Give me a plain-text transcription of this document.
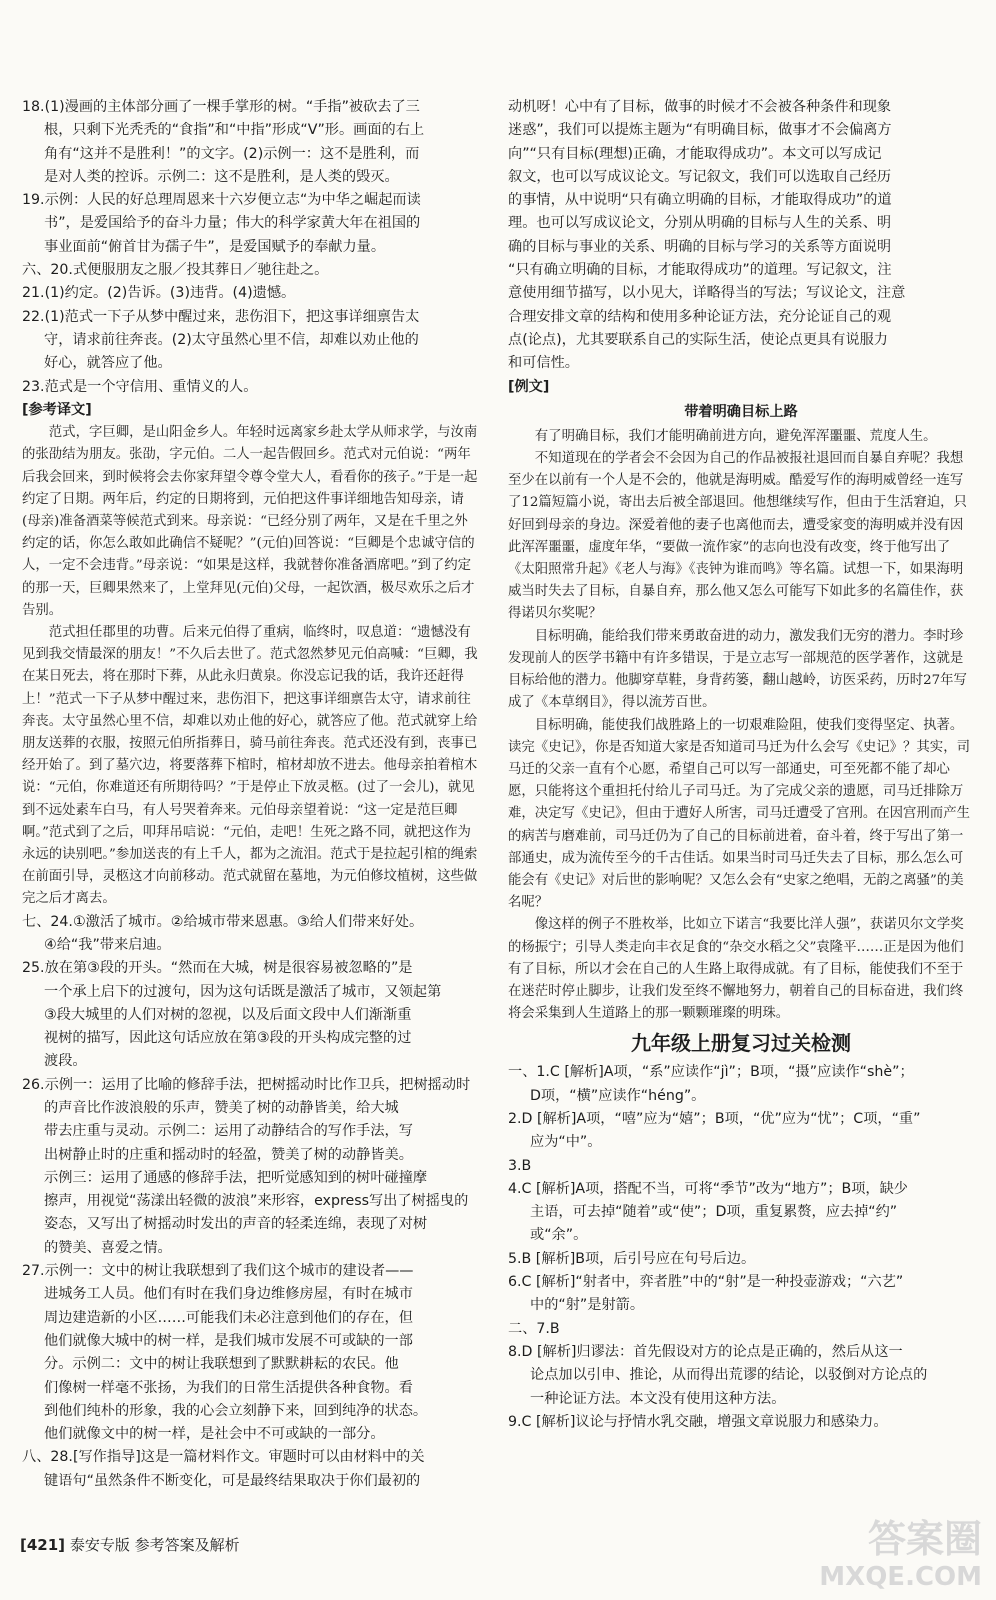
18.(1)漫画的主体部分画了一棵手掌形的树。“手指”被砍去了三

根，只剩下光秃秃的“食指”和“中指”形成“V”形。画面的右上

角有“这并不是胜利！”的文字。(2)示例一：这不是胜利，而

是对人类的控诉。示例二：这不是胜利，是人类的毁灭。

19.示例：人民的好总理周恩来十六岁便立志“为中华之崛起而读

书”，是爱国给予的奋斗力量；伟大的科学家黄大年在祖国的

事业面前“俯首甘为孺子牛”，是爱国赋予的奉献力量。

六、20.式便服朋友之服／投其葬日／驰往赴之。

21.(1)约定。(2)告诉。(3)违背。(4)遗憾。

22.(1)范式一下子从梦中醒过来，悲伤泪下，把这事详细禀告太

守，请求前往奔丧。(2)太守虽然心里不信，却难以劝止他的

好心，就答应了他。

23.范式是一个守信用、重情义的人。

[参考译文]

范式，字巨卿，是山阳金乡人。年轻时远离家乡赴太学从师求学，与汝南的张劭结为朋友。张劭，字元伯。二人一起告假回乡。范式对元伯说：“两年后我会回来，到时候将会去你家拜望令尊令堂大人，看看你的孩子。”于是一起约定了日期。两年后，约定的日期将到，元伯把这件事详细地告知母亲，请(母亲)准备酒菜等候范式到来。母亲说：“已经分别了两年，又是在千里之外约定的话，你怎么敢如此确信不疑呢？”(元伯)回答说：“巨卿是个忠诚守信的人，一定不会违背。”母亲说：“如果是这样，我就替你准备酒席吧。”到了约定的那一天，巨卿果然来了，上堂拜见(元伯)父母，一起饮酒，极尽欢乐之后才告别。

范式担任郡里的功曹。后来元伯得了重病，临终时，叹息道：“遗憾没有见到我交情最深的朋友！”不久后去世了。范式忽然梦见元伯高喊：“巨卿，我在某日死去，将在那时下葬，从此永归黄泉。你没忘记我的话，我许还赶得上！”范式一下子从梦中醒过来，悲伤泪下，把这事详细禀告太守，请求前往奔丧。太守虽然心里不信，却难以劝止他的好心，就答应了他。范式就穿上给朋友送葬的衣服，按照元伯所指葬日，骑马前往奔丧。范式还没有到，丧事已经开始了。到了墓穴边，将要落葬下棺时，棺材却放不进去。他母亲拍着棺木说：“元伯，你难道还有所期待吗？”于是停止下放灵柩。(过了一会儿)，就见到不远处素车白马，有人号哭着奔来。元伯母亲望着说：“这一定是范巨卿啊。”范式到了之后，叩拜吊唁说：“元伯，走吧！生死之路不同，就把这作为永远的诀别吧。”参加送丧的有上千人，都为之流泪。范式于是拉起引棺的绳索在前面引导，灵柩这才向前移动。范式就留在墓地，为元伯修坟植树，这些做完之后才离去。

七、24.①激活了城市。②给城市带来恩惠。③给人们带来好处。

④给“我”带来启迪。

25.放在第③段的开头。“然而在大城，树是很容易被忽略的”是

一个承上启下的过渡句，因为这句话既是激活了城市，又领起第

③段大城里的人们对树的忽视，以及后面文段中人们渐渐重

视树的描写，因此这句话应放在第③段的开头构成完整的过

渡段。

26.示例一：运用了比喻的修辞手法，把树摇动时比作卫兵，把树摇动时

的声音比作波浪般的乐声，赞美了树的动静皆美，给大城

带去庄重与灵动。示例二：运用了动静结合的写作手法，写

出树静止时的庄重和摇动时的轻盈，赞美了树的动静皆美。

示例三：运用了通感的修辞手法，把听觉感知到的树叶碰撞摩

擦声，用视觉“荡漾出轻微的波浪”来形容，express写出了树摇曳的

姿态，又写出了树摇动时发出的声音的轻柔连绵，表现了对树

的赞美、喜爱之情。

27.示例一：文中的树让我联想到了我们这个城市的建设者——

进城务工人员。他们有时在我们身边维修房屋，有时在城市

周边建造新的小区……可能我们未必注意到他们的存在，但

他们就像大城中的树一样，是我们城市发展不可或缺的一部

分。示例二：文中的树让我联想到了默默耕耘的农民。他

们像树一样毫不张扬，为我们的日常生活提供各种食物。看

到他们纯朴的形象，我的心会立刻静下来，回到纯净的状态。

他们就像文中的树一样，是社会中不可或缺的一部分。

八、28.[写作指导]这是一篇材料作文。审题时可以由材料中的关

键语句“虽然条件不断变化，可是最终结果取决于你们最初的

动机呀！心中有了目标，做事的时候才不会被各种条件和现象

迷惑”，我们可以提炼主题为“有明确目标，做事才不会偏离方

向”“只有目标(理想)正确，才能取得成功”。本文可以写成记

叙文，也可以写成议论文。写记叙文，我们可以选取自己经历

的事情，从中说明“只有确立明确的目标，才能取得成功”的道

理。也可以写成议论文，分别从明确的目标与人生的关系、明

确的目标与事业的关系、明确的目标与学习的关系等方面说明

“只有确立明确的目标，才能取得成功”的道理。写记叙文，注

意使用细节描写，以小见大，详略得当的写法；写议论文，注意

合理安排文章的结构和使用多种论证方法，充分论证自己的观

点(论点)，尤其要联系自己的实际生活，使论点更具有说服力

和可信性。

[例文]

带着明确目标上路

有了明确目标，我们才能明确前进方向，避免浑浑噩噩、荒度人生。

不知道现在的学者会不会因为自己的作品被报社退回而自暴自弃呢？我想至少在以前有一个人是不会的，他就是海明威。酷爱写作的海明威曾经一连写了12篇短篇小说，寄出去后被全部退回。他想继续写作，但由于生活窘迫，只好回到母亲的身边。深爱着他的妻子也离他而去，遭受家变的海明威并没有因此浑浑噩噩，虚度年华，“要做一流作家”的志向也没有改变，终于他写出了《太阳照常升起》《老人与海》《丧钟为谁而鸣》等名篇。试想一下，如果海明威当时失去了目标，自暴自弃，那么他又怎么可能写下如此多的名篇佳作，获得诺贝尔奖呢？

目标明确，能给我们带来勇敢奋进的动力，激发我们无穷的潜力。李时珍发现前人的医学书籍中有许多错误，于是立志写一部规范的医学著作，这就是目标给他的潜力。他脚穿草鞋，身背药篓，翻山越岭，访医采药，历时27年写成了《本草纲目》，得以流芳百世。

目标明确，能使我们战胜路上的一切艰难险阻，使我们变得坚定、执著。读完《史记》，你是否知道大家是否知道司马迁为什么会写《史记》？其实，司马迁的父亲一直有个心愿，希望自己可以写一部通史，可至死都不能了却心愿，只能将这个重担托付给儿子司马迁。为了完成父亲的遗愿，司马迁排除万难，决定写《史记》，但由于遭好人所害，司马迁遭受了宫刑。在因宫刑而产生的病苦与磨难前，司马迁仍为了自己的目标前进着，奋斗着，终于写出了第一部通史，成为流传至今的千古佳话。如果当时司马迁失去了目标，那么怎么可能会有《史记》对后世的影响呢？又怎么会有“史家之绝唱，无韵之离骚”的美名呢？

像这样的例子不胜枚举，比如立下诺言“我要比洋人强”，获诺贝尔文学奖的杨振宁；引导人类走向丰衣足食的“杂交水稻之父”袁隆平……正是因为他们有了目标，所以才会在自己的人生路上取得成就。有了目标，能使我们不至于在迷茫时停止脚步，让我们发至终不懈地努力，朝着自己的目标奋进，我们终将会采集到人生道路上的那一颗颗璀璨的明珠。

九年级上册复习过关检测

一、1.C [解析]A项，“系”应读作“jì”；B项，“摄”应读作“shè”；

D项，“横”应读作“héng”。

2.D [解析]A项，“嘻”应为“嬉”；B项，“优”应为“忧”；C项，“重”

应为“中”。

3.B

4.C [解析]A项，搭配不当，可将“季节”改为“地方”；B项，缺少

主语，可去掉“随着”或“使”；D项，重复累赘，应去掉“约”

或“余”。

5.B [解析]B项，后引号应在句号后边。

6.C [解析]“射者中，弈者胜”中的“射”是一种投壶游戏；“六艺”

中的“射”是射箭。

二、7.B

8.D [解析]归谬法：首先假设对方的论点是正确的，然后从这一

论点加以引申、推论，从而得出荒谬的结论，以驳倒对方论点的

一种论证方法。本文没有使用这种方法。

9.C [解析]议论与抒情水乳交融，增强文章说服力和感染力。

[421] 泰安专版 参考答案及解析	答案圈
MXQE.COM
